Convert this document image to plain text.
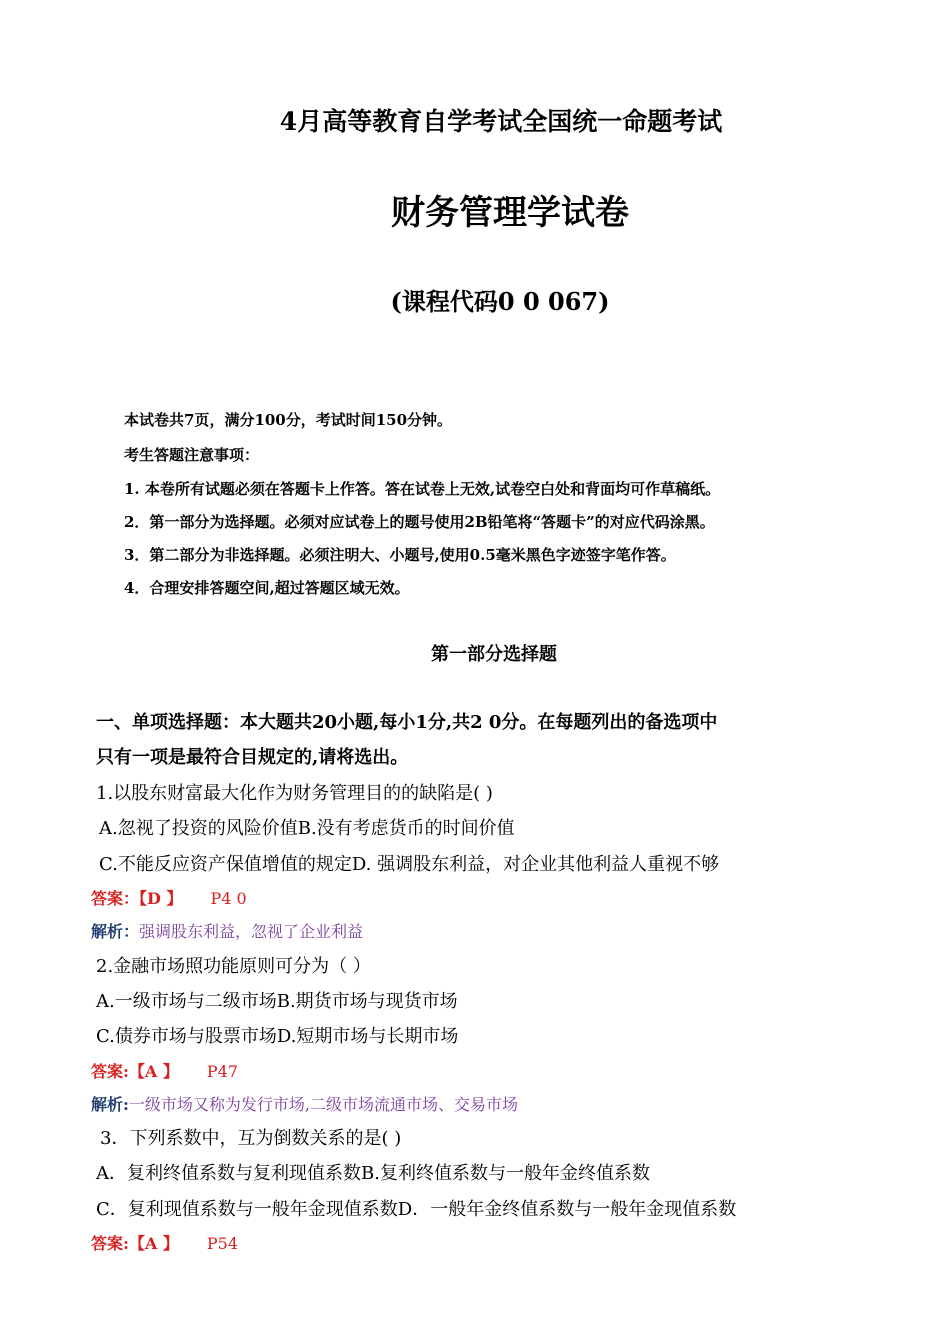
4月高等教育自学考试全国统一命题考试
财务管理学试卷
(课程代码0 0 067)
本试卷共7页，满分100分，考试时间150分钟。
考生答题注意事项：
1. 本卷所有试题必须在答题卡上作答。答在试卷上无效,试卷空白处和背面均可作草稿纸。
2．第一部分为选择题。必须对应试卷上的题号使用2B铅笔将“答题卡”的对应代码涂黑。
3．第二部分为非选择题。必须注明大、小题号,使用0.5毫米黑色字迹签字笔作答。
4．合理安排答题空间,超过答题区域无效。
第一部分选择题
一、单项选择题：本大题共20小题,每小1分,共2 0分。在每题列出的备选项中
只有一项是最符合目规定的,请将选出。
1.以股东财富最大化作为财务管理目的的缺陷是( )
A.忽视了投资的风险价值B.没有考虑货币的时间价值
C.不能反应资产保值增值的规定D. 强调股东利益，对企业其他利益人重视不够
答案：【D 】 P4 0
解析：强调股东利益，忽视了企业利益
2.金融市场照功能原则可分为（ ）
A.一级市场与二级市场B.期货市场与现货市场
C.债券市场与股票市场D.短期市场与长期市场
答案:【A 】 P47
解析:一级市场又称为发行市场,二级市场流通市场、交易市场
3．下列系数中，互为倒数关系的是( )
A．复利终值系数与复利现值系数B.复利终值系数与一般年金终值系数
C．复利现值系数与一般年金现值系数D．一般年金终值系数与一般年金现值系数
答案:【A 】 P54
